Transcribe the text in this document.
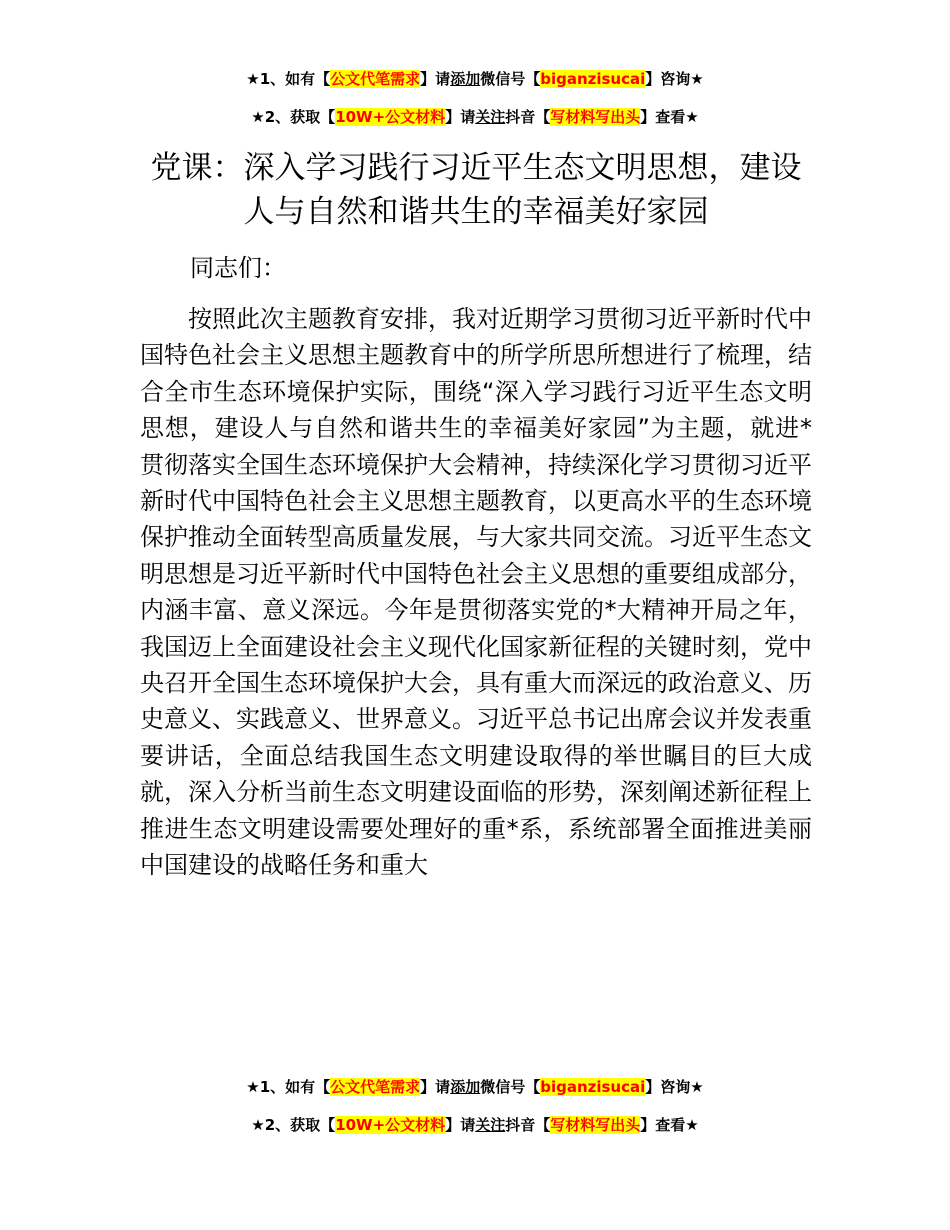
★1、如有【公文代笔需求】请添加微信号【biganzisucai】咨询★
★2、获取【10W+公文材料】请关注抖音【写材料写出头】查看★
党课：深入学习践行习近平生态文明思想，建设人与自然和谐共生的幸福美好家园
同志们：

按照此次主题教育安排，我对近期学习贯彻习近平新时代中国特色社会主义思想主题教育中的所学所思所想进行了梳理，结合全市生态环境保护实际，围绕“深入学习践行习近平生态文明思想，建设人与自然和谐共生的幸福美好家园”为主题，就进*贯彻落实全国生态环境保护大会精神，持续深化学习贯彻习近平新时代中国特色社会主义思想主题教育，以更高水平的生态环境保护推动全面转型高质量发展，与大家共同交流。习近平生态文明思想是习近平新时代中国特色社会主义思想的重要组成部分，内涵丰富、意义深远。今年是贯彻落实党的*大精神开局之年，我国迈上全面建设社会主义现代化国家新征程的关键时刻，党中央召开全国生态环境保护大会，具有重大而深远的政治意义、历史意义、实践意义、世界意义。习近平总书记出席会议并发表重要讲话，全面总结我国生态文明建设取得的举世瞩目的巨大成就，深入分析当前生态文明建设面临的形势，深刻阐述新征程上推进生态文明建设需要处理好的重*系，系统部署全面推进美丽中国建设的战略任务和重大

★1、如有【公文代笔需求】请添加微信号【biganzisucai】咨询★
★2、获取【10W+公文材料】请关注抖音【写材料写出头】查看★
